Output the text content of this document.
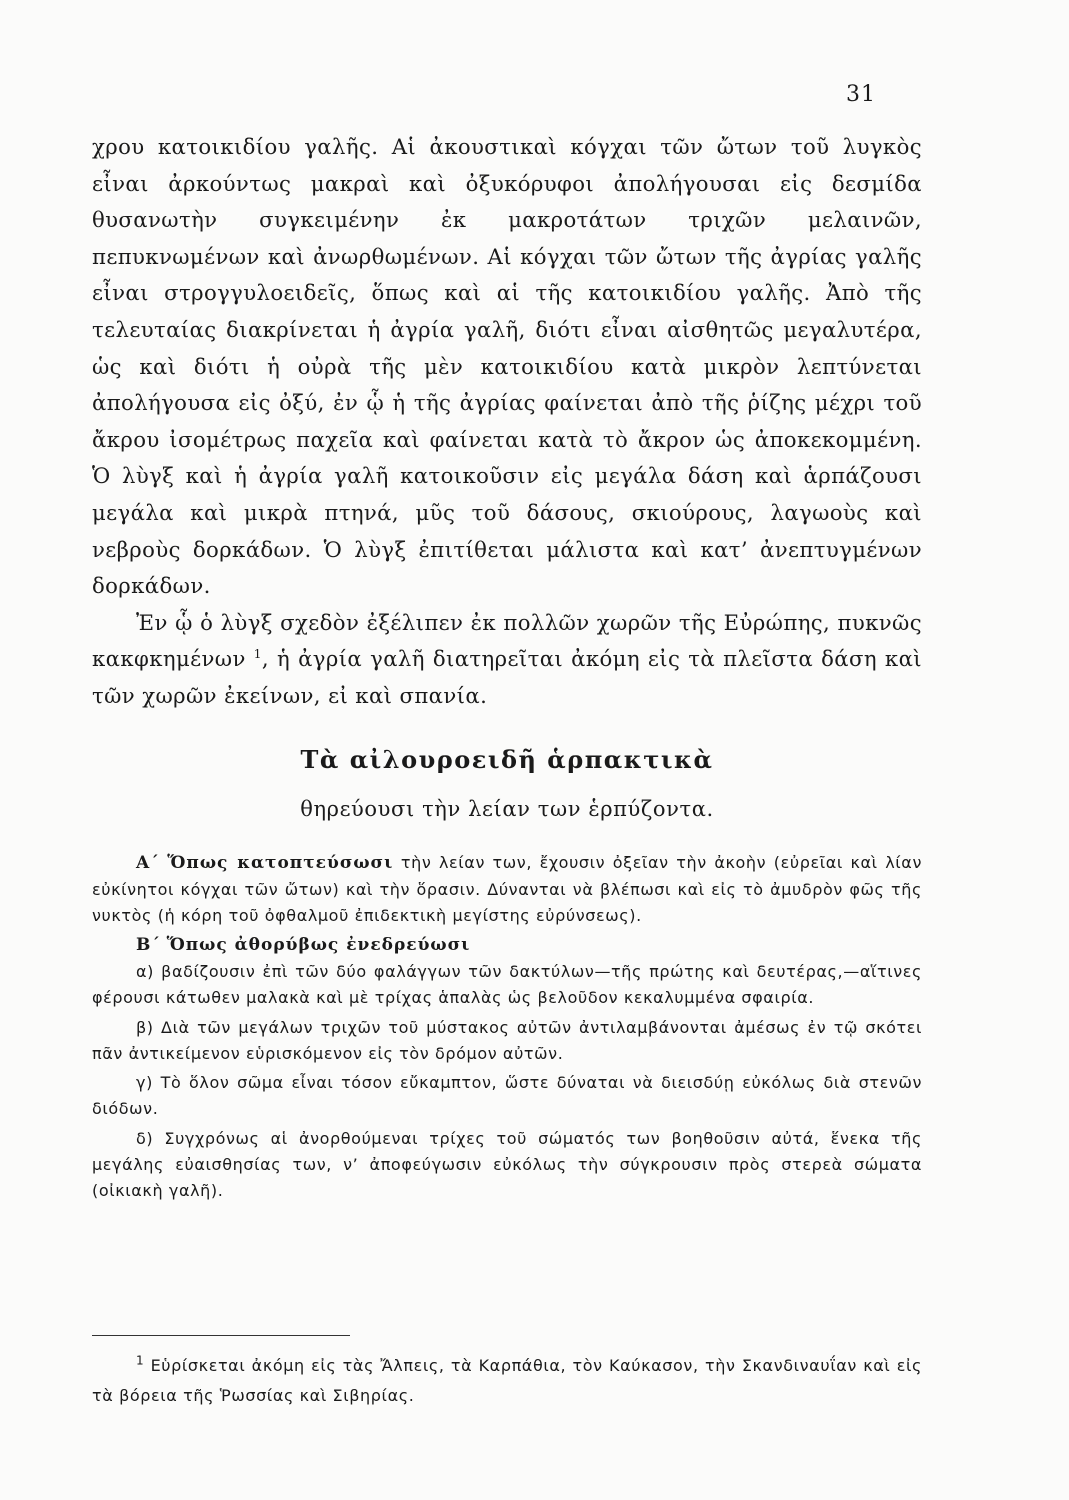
31

χρου κατοικιδίου γαλῆς. Αἱ ἀκουστικαὶ κόγχαι τῶν ὤτων τοῦ λυγκὸς εἶναι ἀρκούντως μακραὶ καὶ ὀξυκόρυφοι ἀπολήγουσαι εἰς δεσμίδα θυσανωτὴν συγκειμένην ἐκ μακροτάτων τριχῶν μελαινῶν, πεπυκνωμένων καὶ ἀνωρθωμένων. Αἱ κόγχαι τῶν ὤτων τῆς ἀγρίας γαλῆς εἶναι στρογγυλοειδεῖς, ὅπως καὶ αἱ τῆς κατοικιδίου γαλῆς. Ἀπὸ τῆς τελευταίας διακρίνεται ἡ ἀγρία γαλῆ, διότι εἶναι αἰσθητῶς μεγαλυτέρα, ὡς καὶ διότι ἡ οὐρὰ τῆς μὲν κατοικιδίου κατὰ μικρὸν λεπτύνεται ἀπολήγουσα εἰς ὀξύ, ἐν ᾧ ἡ τῆς ἀγρίας φαίνεται ἀπὸ τῆς ῥίζης μέχρι τοῦ ἄκρου ἰσομέτρως παχεῖα καὶ φαίνεται κατὰ τὸ ἄκρον ὡς ἀποκεκομμένη. Ὁ λὺγξ καὶ ἡ ἀγρία γαλῆ κατοικοῦσιν εἰς μεγάλα δάση καὶ ἁρπάζουσι μεγάλα καὶ μικρὰ πτηνά, μῦς τοῦ δάσους, σκιούρους, λαγωοὺς καὶ νεβροὺς δορκάδων. Ὁ λὺγξ ἐπιτίθεται μάλιστα καὶ κατ’ ἀνεπτυγμένων δορκάδων.

Ἐν ᾧ ὁ λὺγξ σχεδὸν ἐξέλιπεν ἐκ πολλῶν χωρῶν τῆς Εὐρώπης, πυκνῶς κακφκημένων $^1$, ἡ ἀγρία γαλῆ διατηρεῖται ἀκόμη εἰς τὰ πλεῖστα δάση καὶ τῶν χωρῶν ἐκείνων, εἰ καὶ σπανία.

Τὰ αἰλουροειδῆ ἁρπακτικὰ
θηρεύουσι τὴν λείαν των ἑρπύζοντα.

Α΄ Ὅπως κατοπτεύσωσι τὴν λείαν των, ἔχουσιν ὀξεῖαν τὴν ἀκοὴν (εὐρεῖαι καὶ λίαν εὐκίνητοι κόγχαι τῶν ὤτων) καὶ τὴν ὅρασιν. Δύνανται νὰ βλέπωσι καὶ εἰς τὸ ἀμυδρὸν φῶς τῆς νυκτὸς (ἡ κόρη τοῦ ὀφθαλμοῦ ἐπιδεκτικὴ μεγίστης εὐρύνσεως).

Β΄ Ὅπως ἀθορύβως ἐνεδρεύωσι

α) βαδίζουσιν ἐπὶ τῶν δύο φαλάγγων τῶν δακτύλων—τῆς πρώτης καὶ δευτέρας,—αἵτινες φέρουσι κάτωθεν μαλακὰ καὶ μὲ τρίχας ἁπαλὰς ὡς βελοῦδον κεκαλυμμένα σφαιρία.

β) Διὰ τῶν μεγάλων τριχῶν τοῦ μύστακος αὐτῶν ἀντιλαμβάνονται ἀμέσως ἐν τῷ σκότει πᾶν ἀντικείμενον εὑρισκόμενον εἰς τὸν δρόμον αὐτῶν.

γ) Τὸ ὅλον σῶμα εἶναι τόσον εὔκαμπτον, ὥστε δύναται νὰ διεισδύῃ εὐκόλως διὰ στενῶν διόδων.

δ) Συγχρόνως αἱ ἀνορθούμεναι τρίχες τοῦ σώματός των βοηθοῦσιν αὐτά, ἕνεκα τῆς μεγάλης εὐαισθησίας των, ν’ ἀποφεύγωσιν εὐκόλως τὴν σύγκρουσιν πρὸς στερεὰ σώματα (οἰκιακὴ γαλῆ).

$^1$ Εὑρίσκεται ἀκόμη εἰς τὰς Ἄλπεις, τὰ Καρπάθια, τὸν Καύκασον, τὴν Σκανδιναυΐαν καὶ εἰς τὰ βόρεια τῆς Ῥωσσίας καὶ Σιβηρίας.
